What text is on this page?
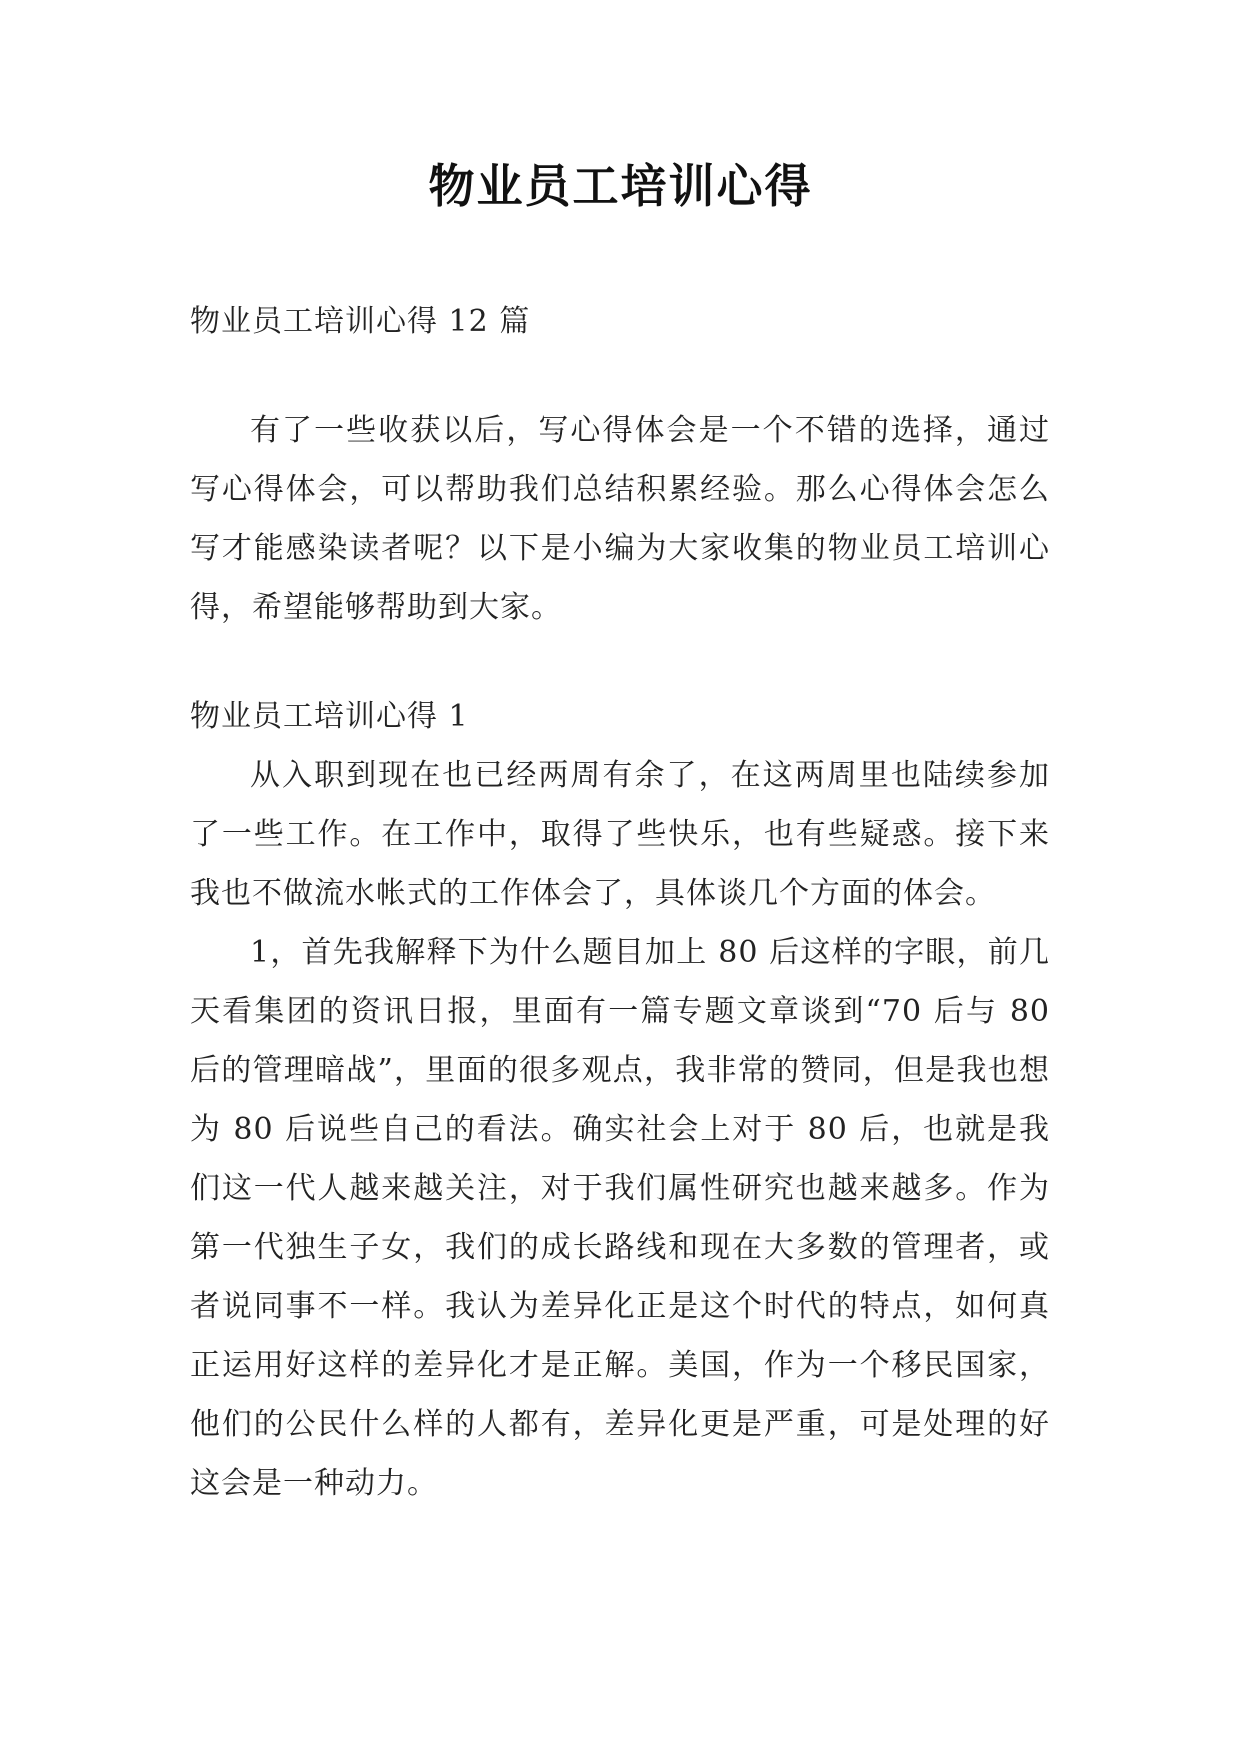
物业员工培训心得

物业员工培训心得 12 篇

有了一些收获以后，写心得体会是一个不错的选择，通过写心得体会，可以帮助我们总结积累经验。那么心得体会怎么写才能感染读者呢？以下是小编为大家收集的物业员工培训心得，希望能够帮助到大家。

物业员工培训心得 1

从入职到现在也已经两周有余了，在这两周里也陆续参加了一些工作。在工作中，取得了些快乐，也有些疑惑。接下来我也不做流水帐式的工作体会了，具体谈几个方面的体会。

1，首先我解释下为什么题目加上 80 后这样的字眼，前几天看集团的资讯日报，里面有一篇专题文章谈到“70 后与 80 后的管理暗战”，里面的很多观点，我非常的赞同，但是我也想为 80 后说些自己的看法。确实社会上对于 80 后，也就是我们这一代人越来越关注，对于我们属性研究也越来越多。作为第一代独生子女，我们的成长路线和现在大多数的管理者，或者说同事不一样。我认为差异化正是这个时代的特点，如何真正运用好这样的差异化才是正解。美国，作为一个移民国家，他们的公民什么样的人都有，差异化更是严重，可是处理的好这会是一种动力。
